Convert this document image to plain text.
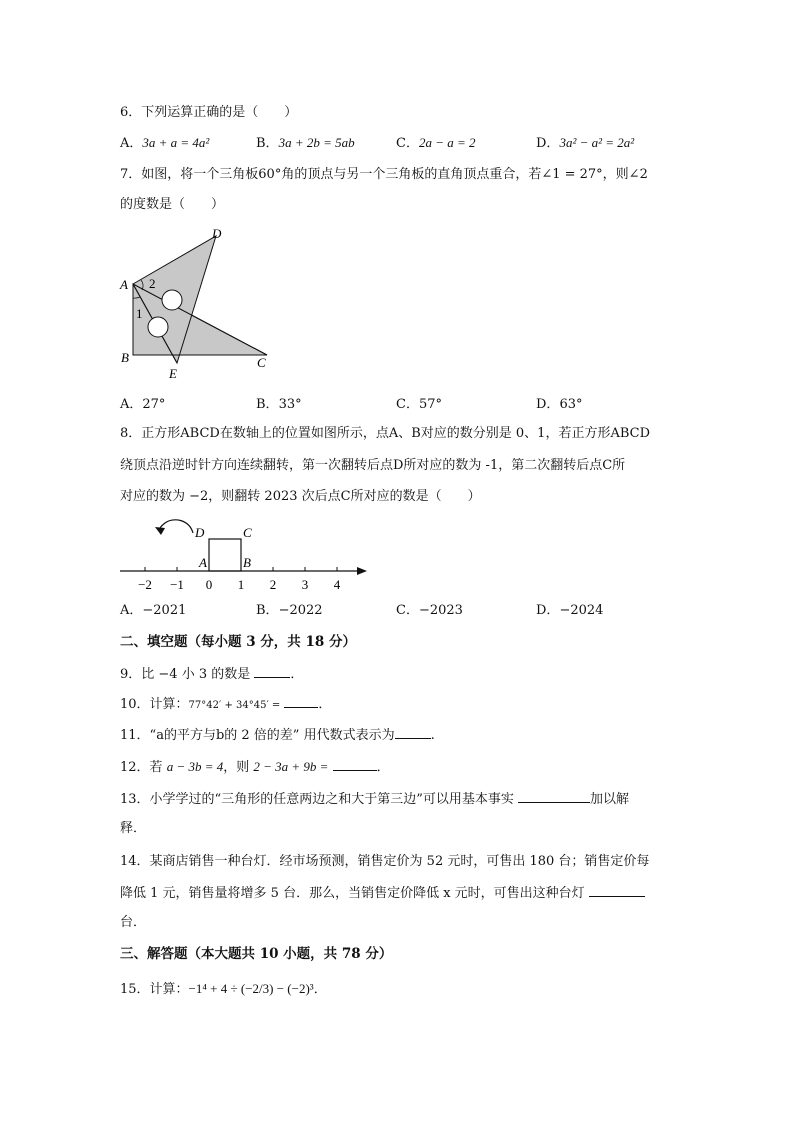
6．下列运算正确的是（　　）
A．3a + a = 4a²	B．3a + 2b = 5ab	C．2a − a = 2	D．3a² − a² = 2a²
7．如图，将一个三角板60°角的顶点与另一个三角板的直角顶点重合，若∠1 = 27°，则∠2
的度数是（　　）
A
B	C
D
E
2
1
A．27°	B．33°	C．57°	D．63°
8．正方形ABCD在数轴上的位置如图所示，点A、B对应的数分别是 0、1，若正方形ABCD
绕顶点沿逆时针方向连续翻转，第一次翻转后点D所对应的数为 -1，第二次翻转后点C所
对应的数为 −2，则翻转 2023 次后点C所对应的数是（　　）
−2 −1 0 1 2 3 4
A	B
C
D
A．−2021	B．−2022	C．−2023	D．−2024
二、填空题（每小题 3 分，共 18 分）
9．比 −4 小 3 的数是	．
10．计算：77°42′ + 34°45′ =	．
11．“a的平方与b的 2 倍的差” 用代数式表示为	.
12．若 a − 3b = 4，则 2 − 3a + 9b =	．
13．小学学过的“三角形的任意两边之和大于第三边”可以用基本事实	加以解
释．
14．某商店销售一种台灯．经市场预测，销售定价为 52 元时，可售出 180 台；销售定价每
降低 1 元，销售量将增多 5 台．那么，当销售定价降低 x 元时，可售出这种台灯
台．
三、解答题（本大题共 10 小题，共 78 分）
15．计算：−1⁴ + 4 ÷ (−2/3) − (−2)³．
